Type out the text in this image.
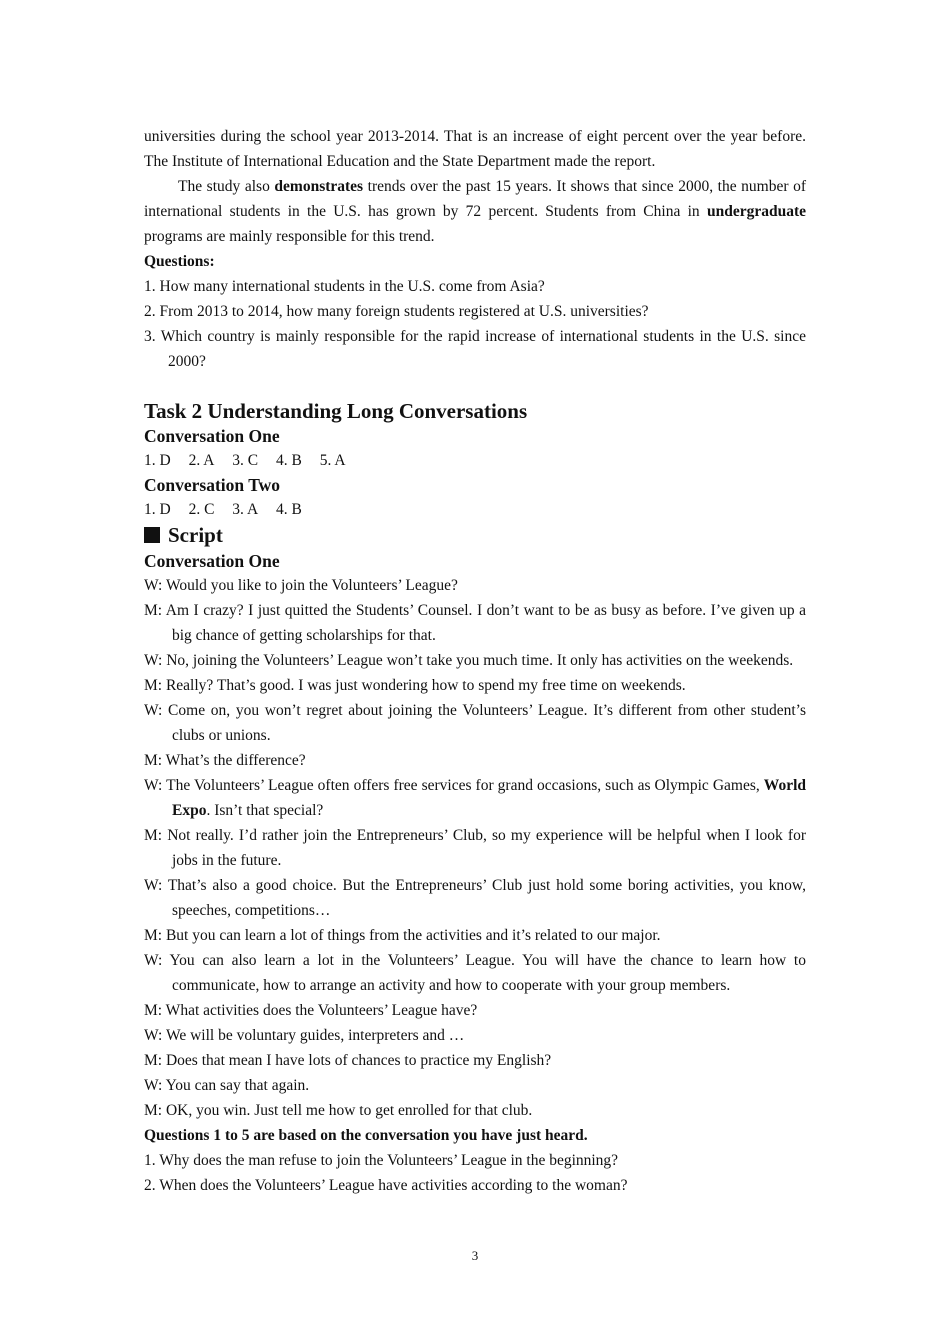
universities during the school year 2013-2014. That is an increase of eight percent over the year before. The Institute of International Education and the State Department made the report.

The study also demonstrates trends over the past 15 years. It shows that since 2000, the number of international students in the U.S. has grown by 72 percent. Students from China in undergraduate programs are mainly responsible for this trend.

Questions:

1. How many international students in the U.S. come from Asia?

2. From 2013 to 2014, how many foreign students registered at U.S. universities?

3. Which country is mainly responsible for the rapid increase of international students in the U.S. since 2000?

Task 2 Understanding Long Conversations
Conversation One
1. D 2. A 3. C 4. B 5. A
Conversation Two
1. D 2. C 3. A 4. B
Script
Conversation One

W: Would you like to join the Volunteers’ League?

M: Am I crazy? I just quitted the Students’ Counsel. I don’t want to be as busy as before. I’ve given up a big chance of getting scholarships for that.

W: No, joining the Volunteers’ League won’t take you much time. It only has activities on the weekends.

M: Really? That’s good. I was just wondering how to spend my free time on weekends.

W: Come on, you won’t regret about joining the Volunteers’ League. It’s different from other student’s clubs or unions.

M: What’s the difference?

W: The Volunteers’ League often offers free services for grand occasions, such as Olympic Games, World Expo. Isn’t that special?

M: Not really. I’d rather join the Entrepreneurs’ Club, so my experience will be helpful when I look for jobs in the future.

W: That’s also a good choice. But the Entrepreneurs’ Club just hold some boring activities, you know, speeches, competitions…

M: But you can learn a lot of things from the activities and it’s related to our major.

W: You can also learn a lot in the Volunteers’ League. You will have the chance to learn how to communicate, how to arrange an activity and how to cooperate with your group members.

M: What activities does the Volunteers’ League have?

W: We will be voluntary guides, interpreters and …

M: Does that mean I have lots of chances to practice my English?

W: You can say that again.

M: OK, you win. Just tell me how to get enrolled for that club.

Questions 1 to 5 are based on the conversation you have just heard.

1. Why does the man refuse to join the Volunteers’ League in the beginning?

2. When does the Volunteers’ League have activities according to the woman?

3
